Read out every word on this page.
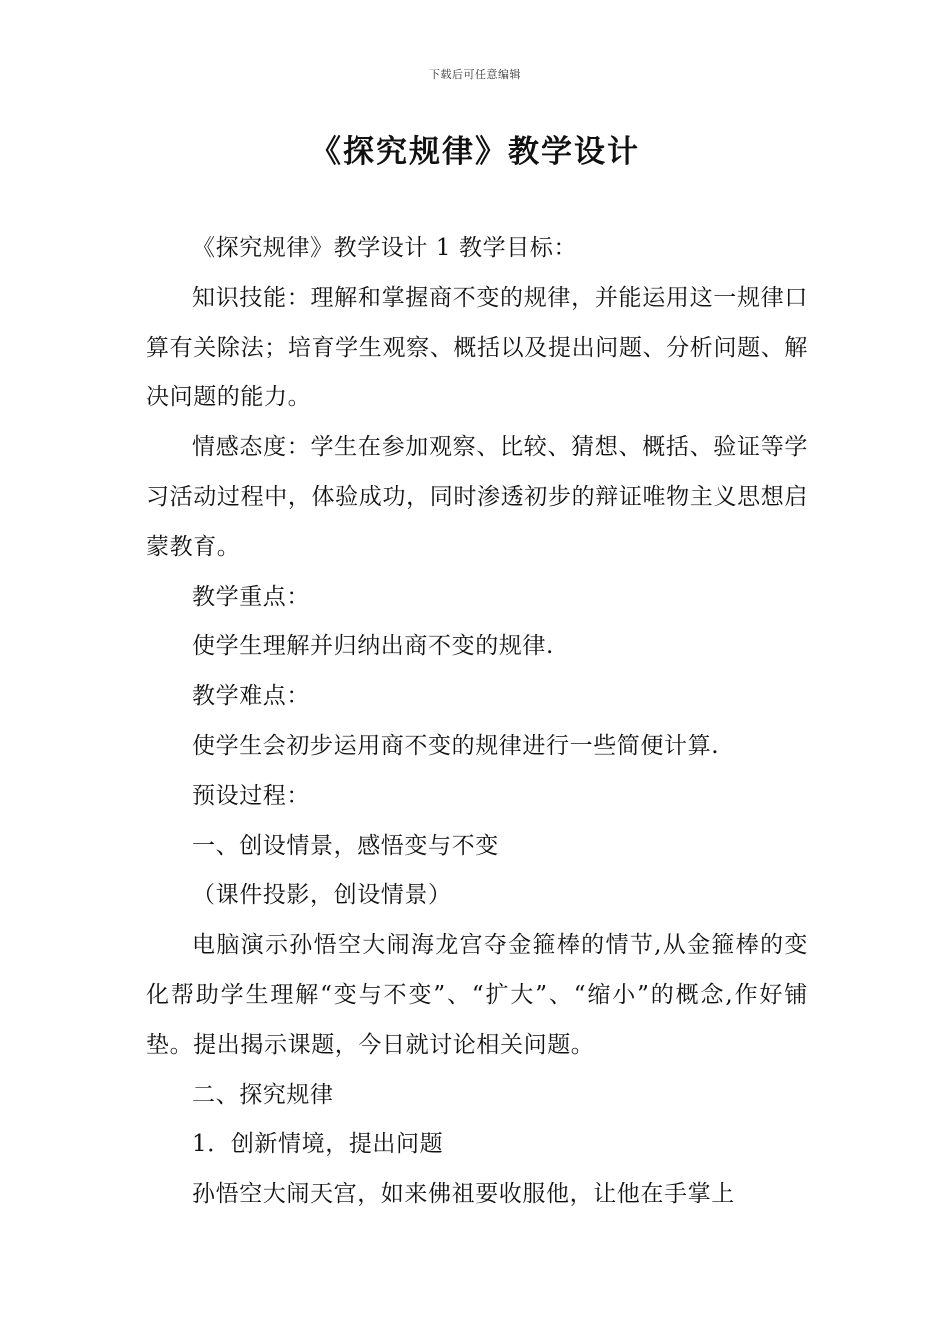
下载后可任意编辑
《探究规律》教学设计

《探究规律》教学设计 1 教学目标：

知识技能：理解和掌握商不变的规律，并能运用这一规律口算有关除法；培育学生观察、概括以及提出问题、分析问题、解决问题的能力。

情感态度：学生在参加观察、比较、猜想、概括、验证等学习活动过程中，体验成功，同时渗透初步的辩证唯物主义思想启蒙教育。

教学重点：

使学生理解并归纳出商不变的规律.

教学难点：

使学生会初步运用商不变的规律进行一些简便计算.

预设过程：

一、创设情景，感悟变与不变

（课件投影，创设情景）

电脑演示孙悟空大闹海龙宫夺金箍棒的情节,从金箍棒的变化帮助学生理解“变与不变”、“扩大”、“缩小”的概念,作好铺垫。提出揭示课题，今日就讨论相关问题。

二、探究规律

1．创新情境，提出问题

孙悟空大闹天宫，如来佛祖要收服他，让他在手掌上
